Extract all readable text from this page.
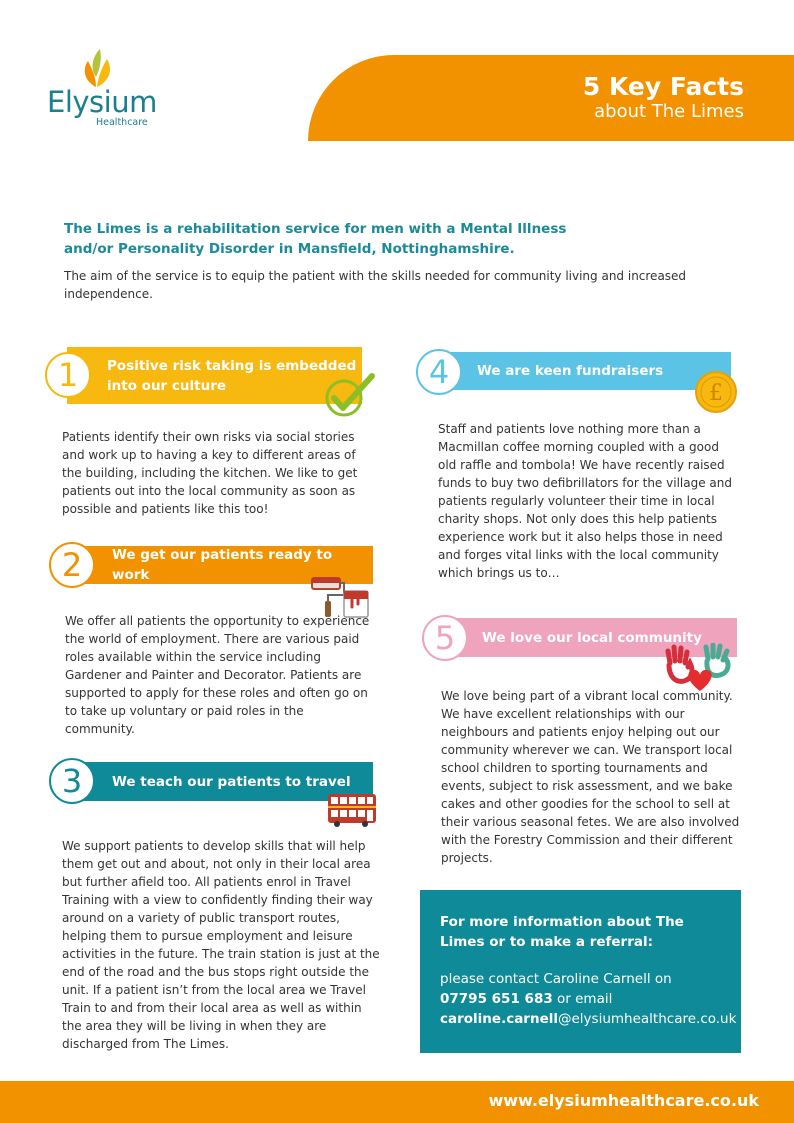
Elysium
Healthcare
5 Key Facts
about The Limes
The Limes is a rehabilitation service for men with a Mental Illness and/or Personality Disorder in Mansfield, Nottinghamshire.
The aim of the service is to equip the patient with the skills needed for community living and increased independence.
Positive risk taking is embedded into our culture
1
Patients identify their own risks via social stories and work up to having a key to different areas of the building, including the kitchen. We like to get patients out into the local community as soon as possible and patients like this too!
We get our patients ready to work
2
We offer all patients the opportunity to experience the world of employment. There are various paid roles available within the service including Gardener and Painter and Decorator. Patients are supported to apply for these roles and often go on to take up voluntary or paid roles in the community.
We teach our patients to travel
3
We support patients to develop skills that will help them get out and about, not only in their local area but further afield too. All patients enrol in Travel Training with a view to confidently finding their way around on a variety of public transport routes, helping them to pursue employment and leisure activities in the future. The train station is just at the end of the road and the bus stops right outside the unit. If a patient isn’t from the local area we Travel Train to and from their local area as well as within the area they will be living in when they are discharged from The Limes.
We are keen fundraisers
4
£
Staff and patients love nothing more than a Macmillan coffee morning coupled with a good old raffle and tombola! We have recently raised funds to buy two defibrillators for the village and patients regularly volunteer their time in local charity shops. Not only does this help patients experience work but it also helps those in need and forges vital links with the local community which brings us to…
We love our local community
5
We love being part of a vibrant local community. We have excellent relationships with our neighbours and patients enjoy helping out our community wherever we can. We transport local school children to sporting tournaments and events, subject to risk assessment, and we bake cakes and other goodies for the school to sell at their various seasonal fetes. We are also involved with the Forestry Commission and their different projects.
For more information about The Limes or to make a referral:
please contact Caroline Carnell on
07795 651 683 or email
caroline.carnell@elysiumhealthcare.co.uk
www.elysiumhealthcare.co.uk
